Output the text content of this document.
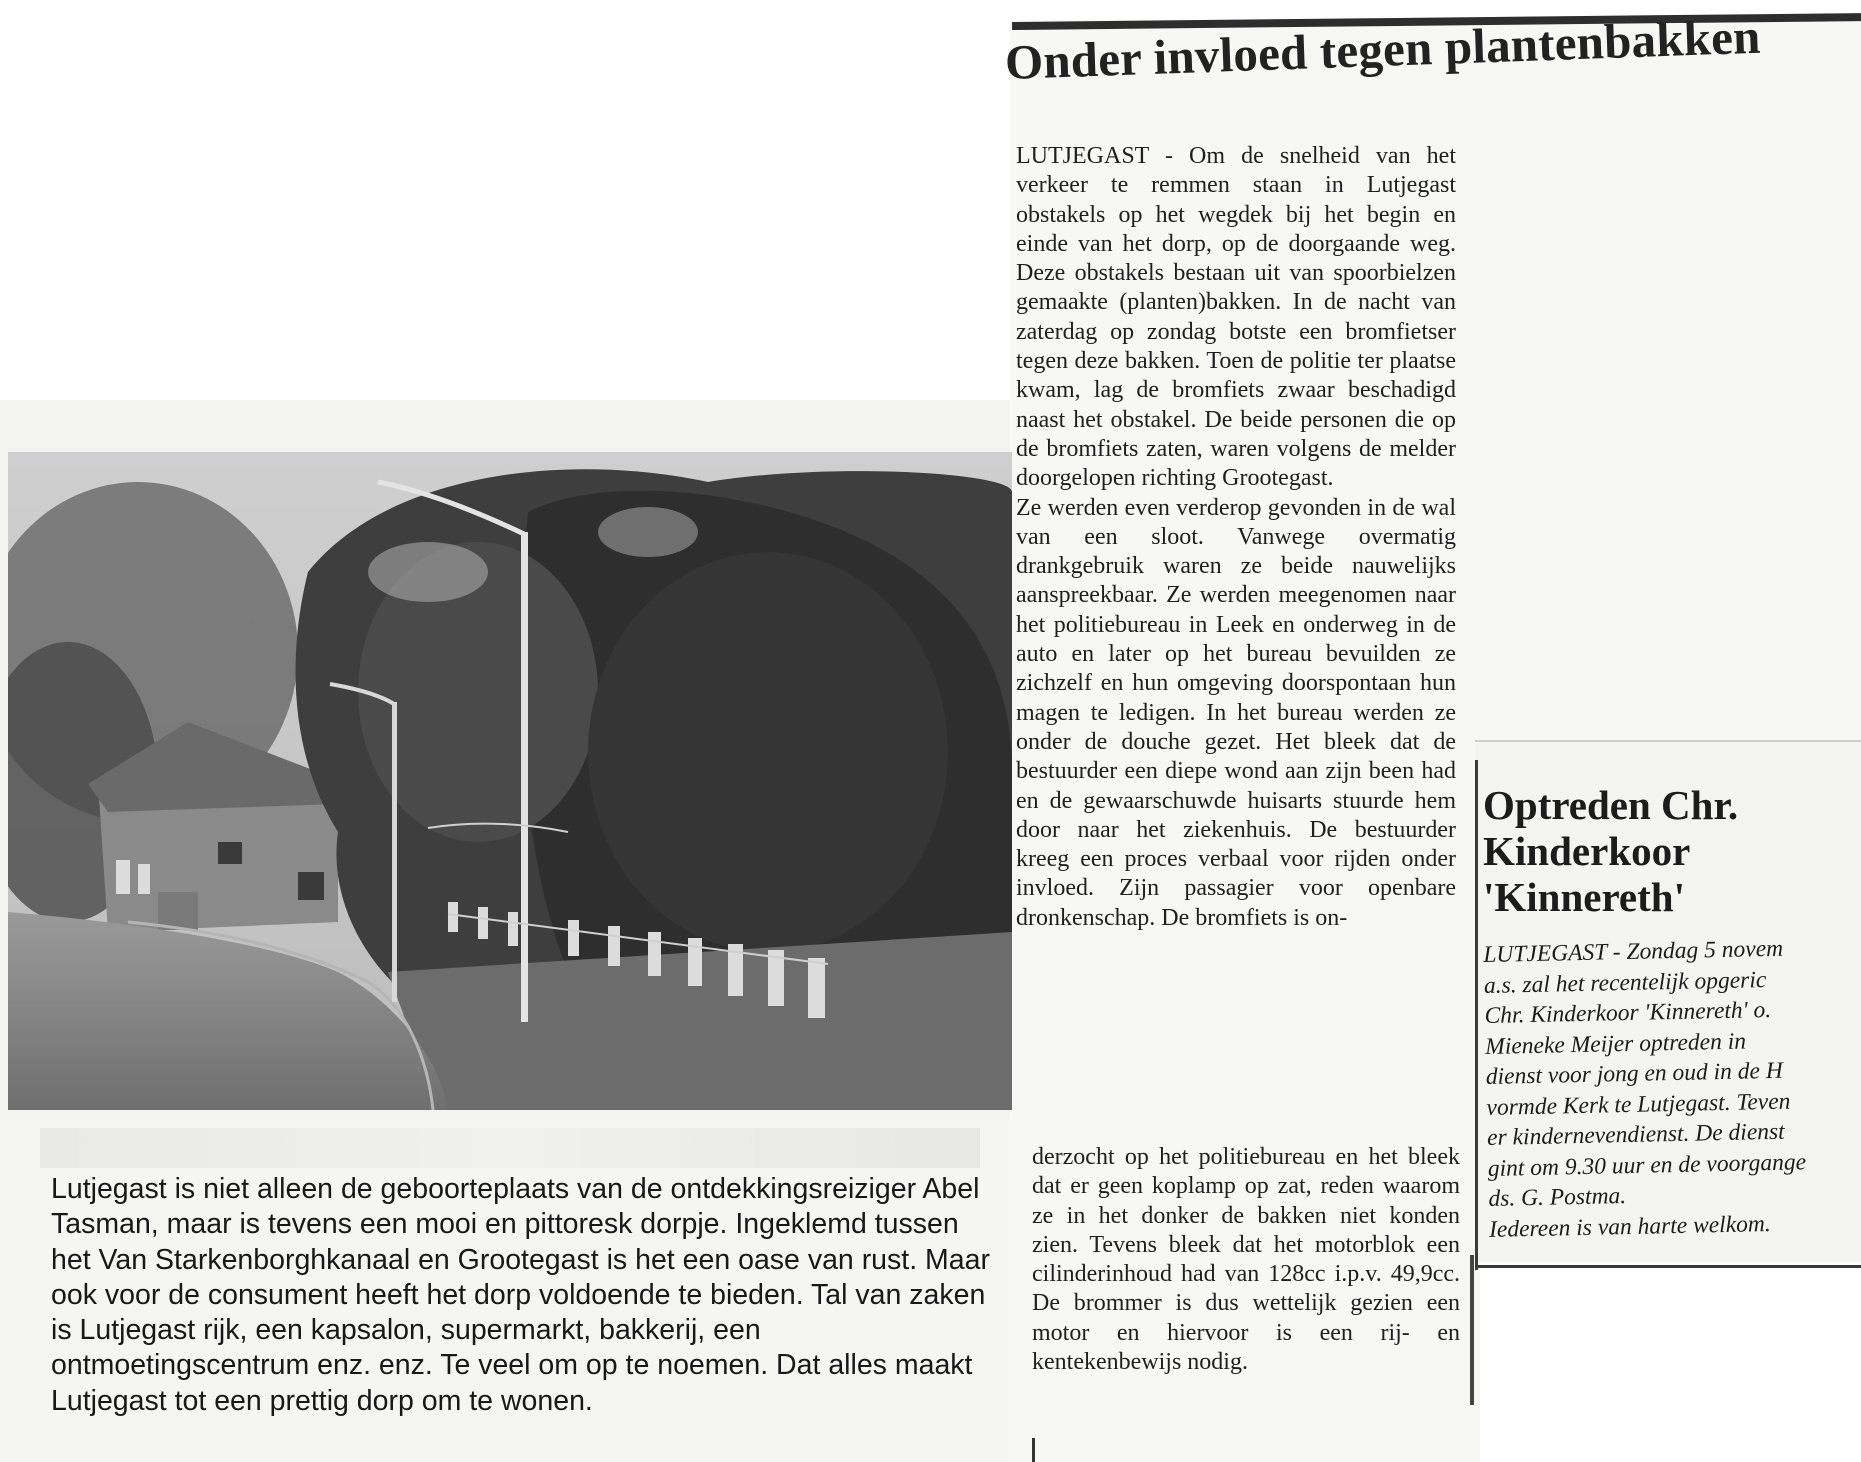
Onder invloed tegen plantenbakken
LUTJEGAST - Om de snelheid van het verkeer te remmen staan in Lutjegast obstakels op het wegdek bij het begin en einde van het dorp, op de doorgaande weg. Deze obstakels bestaan uit van spoorbielzen gemaakte (planten)bakken. In de nacht van zaterdag op zondag botste een bromfietser tegen deze bakken. Toen de politie ter plaatse kwam, lag de bromfiets zwaar beschadigd naast het obstakel. De beide personen die op de bromfiets zaten, waren volgens de melder doorgelopen richting Grootegast.
Ze werden even verderop gevonden in de wal van een sloot. Vanwege overmatig drankgebruik waren ze beide nauwelijks aanspreekbaar. Ze werden meegenomen naar het politiebureau in Leek en onderweg in de auto en later op het bureau bevuilden ze zichzelf en hun omgeving doorspontaan hun magen te ledigen. In het bureau werden ze onder de douche gezet. Het bleek dat de bestuurder een diepe wond aan zijn been had en de gewaarschuwde huisarts stuurde hem door naar het ziekenhuis. De bestuurder kreeg een proces verbaal voor rijden onder invloed. Zijn passagier voor openbare dronkenschap. De bromfiets is on-
derzocht op het politiebureau en het bleek dat er geen koplamp op zat, reden waarom ze in het donker de bakken niet konden zien. Tevens bleek dat het motorblok een cilinderinhoud had van 128cc i.p.v. 49,9cc. De brommer is dus wettelijk gezien een motor en hiervoor is een rij- en kentekenbewijs nodig.
Lutjegast is niet alleen de geboorteplaats van de ontdekkingsreiziger Abel Tasman, maar is tevens een mooi en pittoresk dorpje. Ingeklemd tussen het Van Starkenborghkanaal en Grootegast is het een oase van rust. Maar ook voor de consument heeft het dorp voldoende te bieden. Tal van zaken is Lutjegast rijk, een kapsalon, supermarkt, bakkerij, een ontmoetingscentrum enz. enz. Te veel om op te noemen. Dat alles maakt Lutjegast tot een prettig dorp om te wonen.
Optreden Chr.
Kinderkoor
'Kinnereth'
LUTJEGAST - Zondag 5 novem
a.s. zal het recentelijk opgeric
Chr. Kinderkoor 'Kinnereth' o.
Mieneke Meijer optreden in
dienst voor jong en oud in de H
vormde Kerk te Lutjegast. Teven
er kindernevendienst. De dienst
gint om 9.30 uur en de voorgange
ds. G. Postma.
Iedereen is van harte welkom.
